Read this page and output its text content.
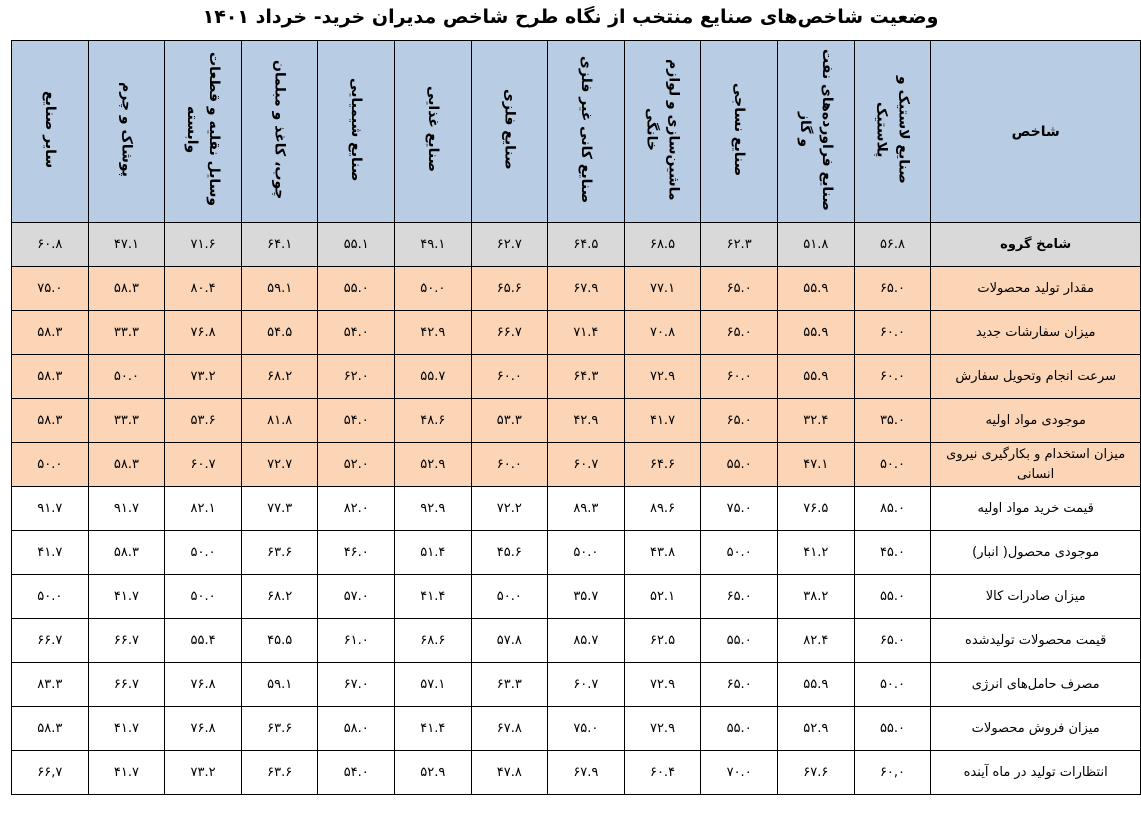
وضعیت شاخص‌های صنایع منتخب از نگاه طرح شاخص مدیران خرید- خرداد ۱۴۰۱
شاخص	صنایع لاستیک و پلاستیک	صنایع فراورده‌های نفت و گاز	صنایع نساجی	ماشین‌سازی و لوازم خانگی	صنایع کانی غیر فلزی	صنایع فلزی	صنایع غذایی	صنایع شیمیایی	چوب، کاغذ و مبلمان	وسایل نقلیه و قطعات وابسته	پوشاک و چرم	سایر صنایع
شامخ گروه	۵۶.۸	۵۱.۸	۶۲.۳	۶۸.۵	۶۴.۵	۶۲.۷	۴۹.۱	۵۵.۱	۶۴.۱	۷۱.۶	۴۷.۱	۶۰.۸
مقدار تولید محصولات	۶۵.۰	۵۵.۹	۶۵.۰	۷۷.۱	۶۷.۹	۶۵.۶	۵۰.۰	۵۵.۰	۵۹.۱	۸۰.۴	۵۸.۳	۷۵.۰
میزان سفارشات جدید	۶۰.۰	۵۵.۹	۶۵.۰	۷۰.۸	۷۱.۴	۶۶.۷	۴۲.۹	۵۴.۰	۵۴.۵	۷۶.۸	۳۳.۳	۵۸.۳
سرعت انجام وتحویل سفارش	۶۰.۰	۵۵.۹	۶۰.۰	۷۲.۹	۶۴.۳	۶۰.۰	۵۵.۷	۶۲.۰	۶۸.۲	۷۳.۲	۵۰.۰	۵۸.۳
موجودی مواد اولیه	۳۵.۰	۳۲.۴	۶۵.۰	۴۱.۷	۴۲.۹	۵۳.۳	۴۸.۶	۵۴.۰	۸۱.۸	۵۳.۶	۳۳.۳	۵۸.۳
میزان استخدام و بکارگیری نیروی انسانی	۵۰.۰	۴۷.۱	۵۵.۰	۶۴.۶	۶۰.۷	۶۰.۰	۵۲.۹	۵۲.۰	۷۲.۷	۶۰.۷	۵۸.۳	۵۰.۰
قیمت خرید مواد اولیه	۸۵.۰	۷۶.۵	۷۵.۰	۸۹.۶	۸۹.۳	۷۲.۲	۹۲.۹	۸۲.۰	۷۷.۳	۸۲.۱	۹۱.۷	۹۱.۷
موجودی محصول( انبار)	۴۵.۰	۴۱.۲	۵۰.۰	۴۳.۸	۵۰.۰	۴۵.۶	۵۱.۴	۴۶.۰	۶۳.۶	۵۰.۰	۵۸.۳	۴۱.۷
میزان صادرات کالا	۵۵.۰	۳۸.۲	۶۵.۰	۵۲.۱	۳۵.۷	۵۰.۰	۴۱.۴	۵۷.۰	۶۸.۲	۵۰.۰	۴۱.۷	۵۰.۰
قیمت محصولات تولیدشده	۶۵.۰	۸۲.۴	۵۵.۰	۶۲.۵	۸۵.۷	۵۷.۸	۶۸.۶	۶۱.۰	۴۵.۵	۵۵.۴	۶۶.۷	۶۶.۷
مصرف حامل‌های انرژی	۵۰.۰	۵۵.۹	۶۵.۰	۷۲.۹	۶۰.۷	۶۳.۳	۵۷.۱	۶۷.۰	۵۹.۱	۷۶.۸	۶۶.۷	۸۳.۳
میزان فروش محصولات	۵۵.۰	۵۲.۹	۵۵.۰	۷۲.۹	۷۵.۰	۶۷.۸	۴۱.۴	۵۸.۰	۶۳.۶	۷۶.۸	۴۱.۷	۵۸.۳
انتظارات تولید در ماه آینده	۶۰,۰	۶۷.۶	۷۰.۰	۶۰.۴	۶۷.۹	۴۷.۸	۵۲.۹	۵۴.۰	۶۳.۶	۷۳.۲	۴۱.۷	۶۶,۷
